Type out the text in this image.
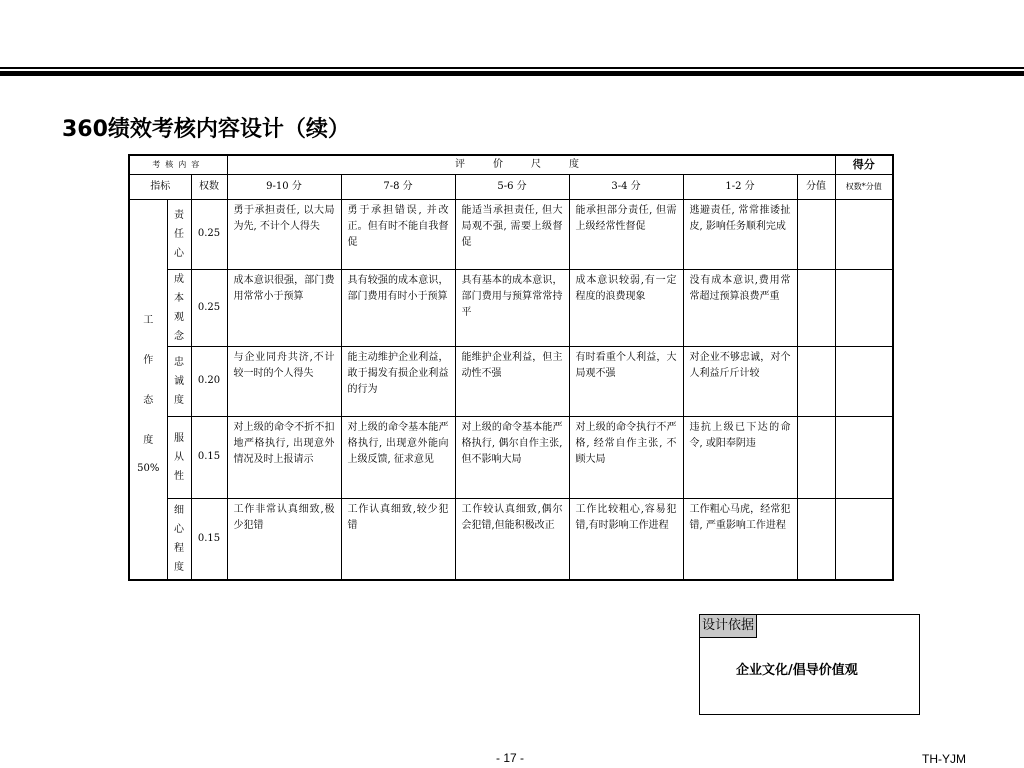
360绩效考核内容设计（续）
考核内容			评价尺度						得分
指标		权数	9-10 分	7-8 分	5-6 分	3-4 分	1-2 分	分值	权数*分值

工
作
态
度
50%	责任心	0.25	勇于承担责任, 以大局为先, 不计个人得失	勇于承担错误, 并改正。但有时不能自我督促	能适当承担责任, 但大局观不强, 需要上级督促	能承担部分责任, 但需上级经常性督促	逃避责任, 常常推诿扯皮, 影响任务顺利完成		
	成本观念	0.25	成本意识很强，部门费用常常小于预算	具有较强的成本意识，部门费用有时小于预算	具有基本的成本意识，部门费用与预算常常持平	成本意识较弱,有一定程度的浪费现象	没有成本意识,费用常常超过预算浪费严重		
	忠诚度	0.20	与企业同舟共济,不计较一时的个人得失	能主动维护企业利益，敢于揭发有损企业利益的行为	能维护企业利益，但主动性不强	有时看重个人利益，大局观不强	对企业不够忠诚，对个人利益斤斤计较		
	服从性	0.15	对上级的命令不折不扣地严格执行, 出现意外情况及时上报请示	对上级的命令基本能严格执行, 出现意外能向上级反馈, 征求意见	对上级的命令基本能严格执行, 偶尔自作主张, 但不影响大局	对上级的命令执行不严格, 经常自作主张, 不顾大局	违抗上级已下达的命令, 或阳奉阴违		
	细心程度	0.15	工作非常认真细致,极少犯错	工作认真细致,较少犯错	工作较认真细致,偶尔会犯错,但能积极改正	工作比较粗心,容易犯错,有时影响工作进程	工作粗心马虎，经常犯错, 严重影响工作进程		
设计依据
企业文化/倡导价值观
- 17 -	TH-YJM
